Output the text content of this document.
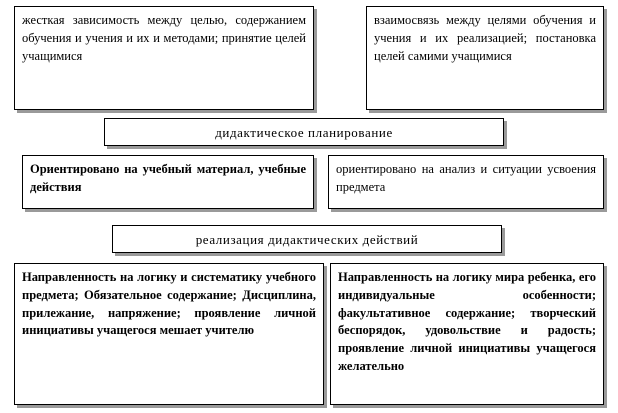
жесткая зависимость между целью, содержанием обучения и учения и их и методами; принятие целей учащимися

взаимосвязь между целями обучения и учения и их реализацией; постановка целей самими учащимися

дидактическое планирование

Ориентировано на учебный материал, учебные действия

ориентировано на анализ и ситуации усвоения предмета

реализация дидактических действий

Направленность на логику и систематику учебного предмета; Обязательное содержание; Дисциплина, прилежание, напряжение; проявление личной инициативы учащегося мешает учителю

Направленность на логику мира ребенка, его индивидуальные особенности; факультативное содержание; творческий беспорядок, удовольствие и радость; проявление личной инициативы учащегося желательно
